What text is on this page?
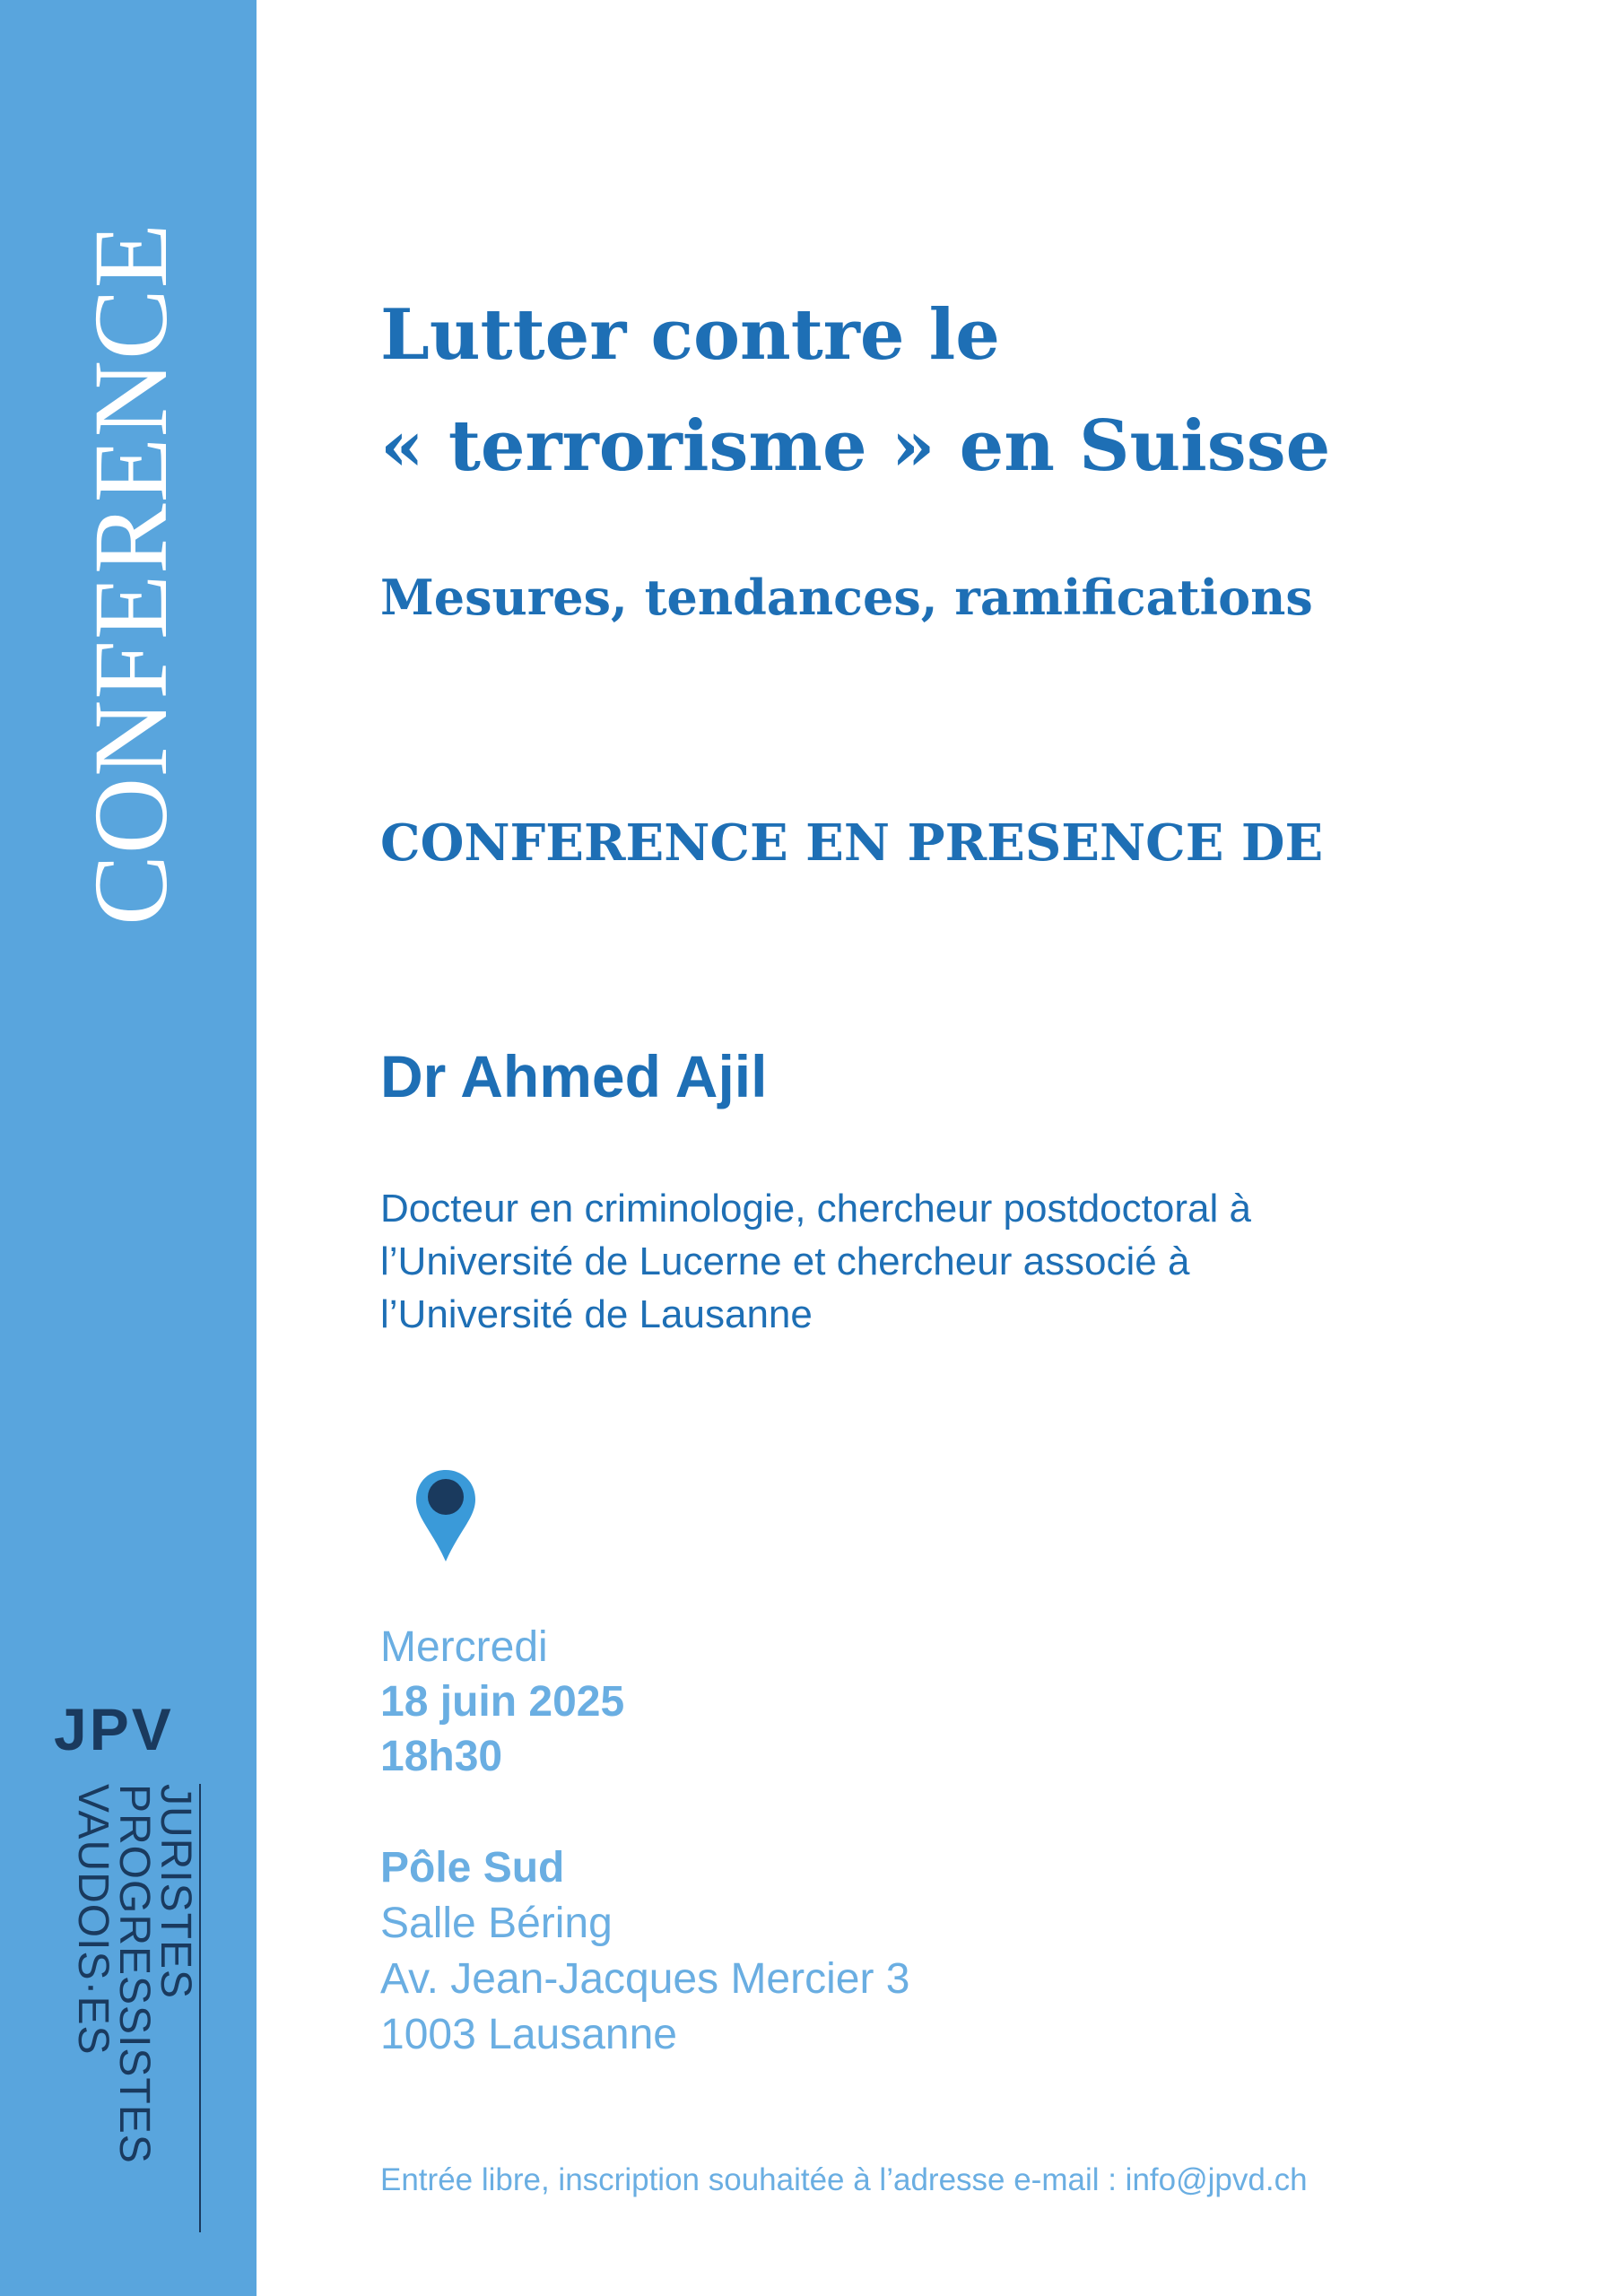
CONFERENCE
JPV
JURISTES
PROGRESSISTES
VAUDOIS·ES
Lutter contre le
« terrorisme » en Suisse
Mesures, tendances, ramifications
CONFERENCE EN PRESENCE DE
Dr Ahmed Ajil
Docteur en criminologie, chercheur postdoctoral à
l’Université de Lucerne et chercheur associé à
l’Université de Lausanne
Mercredi
18 juin 2025
18h30
Pôle Sud
Salle Béring
Av. Jean-Jacques Mercier 3
1003 Lausanne
Entrée libre, inscription souhaitée à l’adresse e-mail : info@jpvd.ch
